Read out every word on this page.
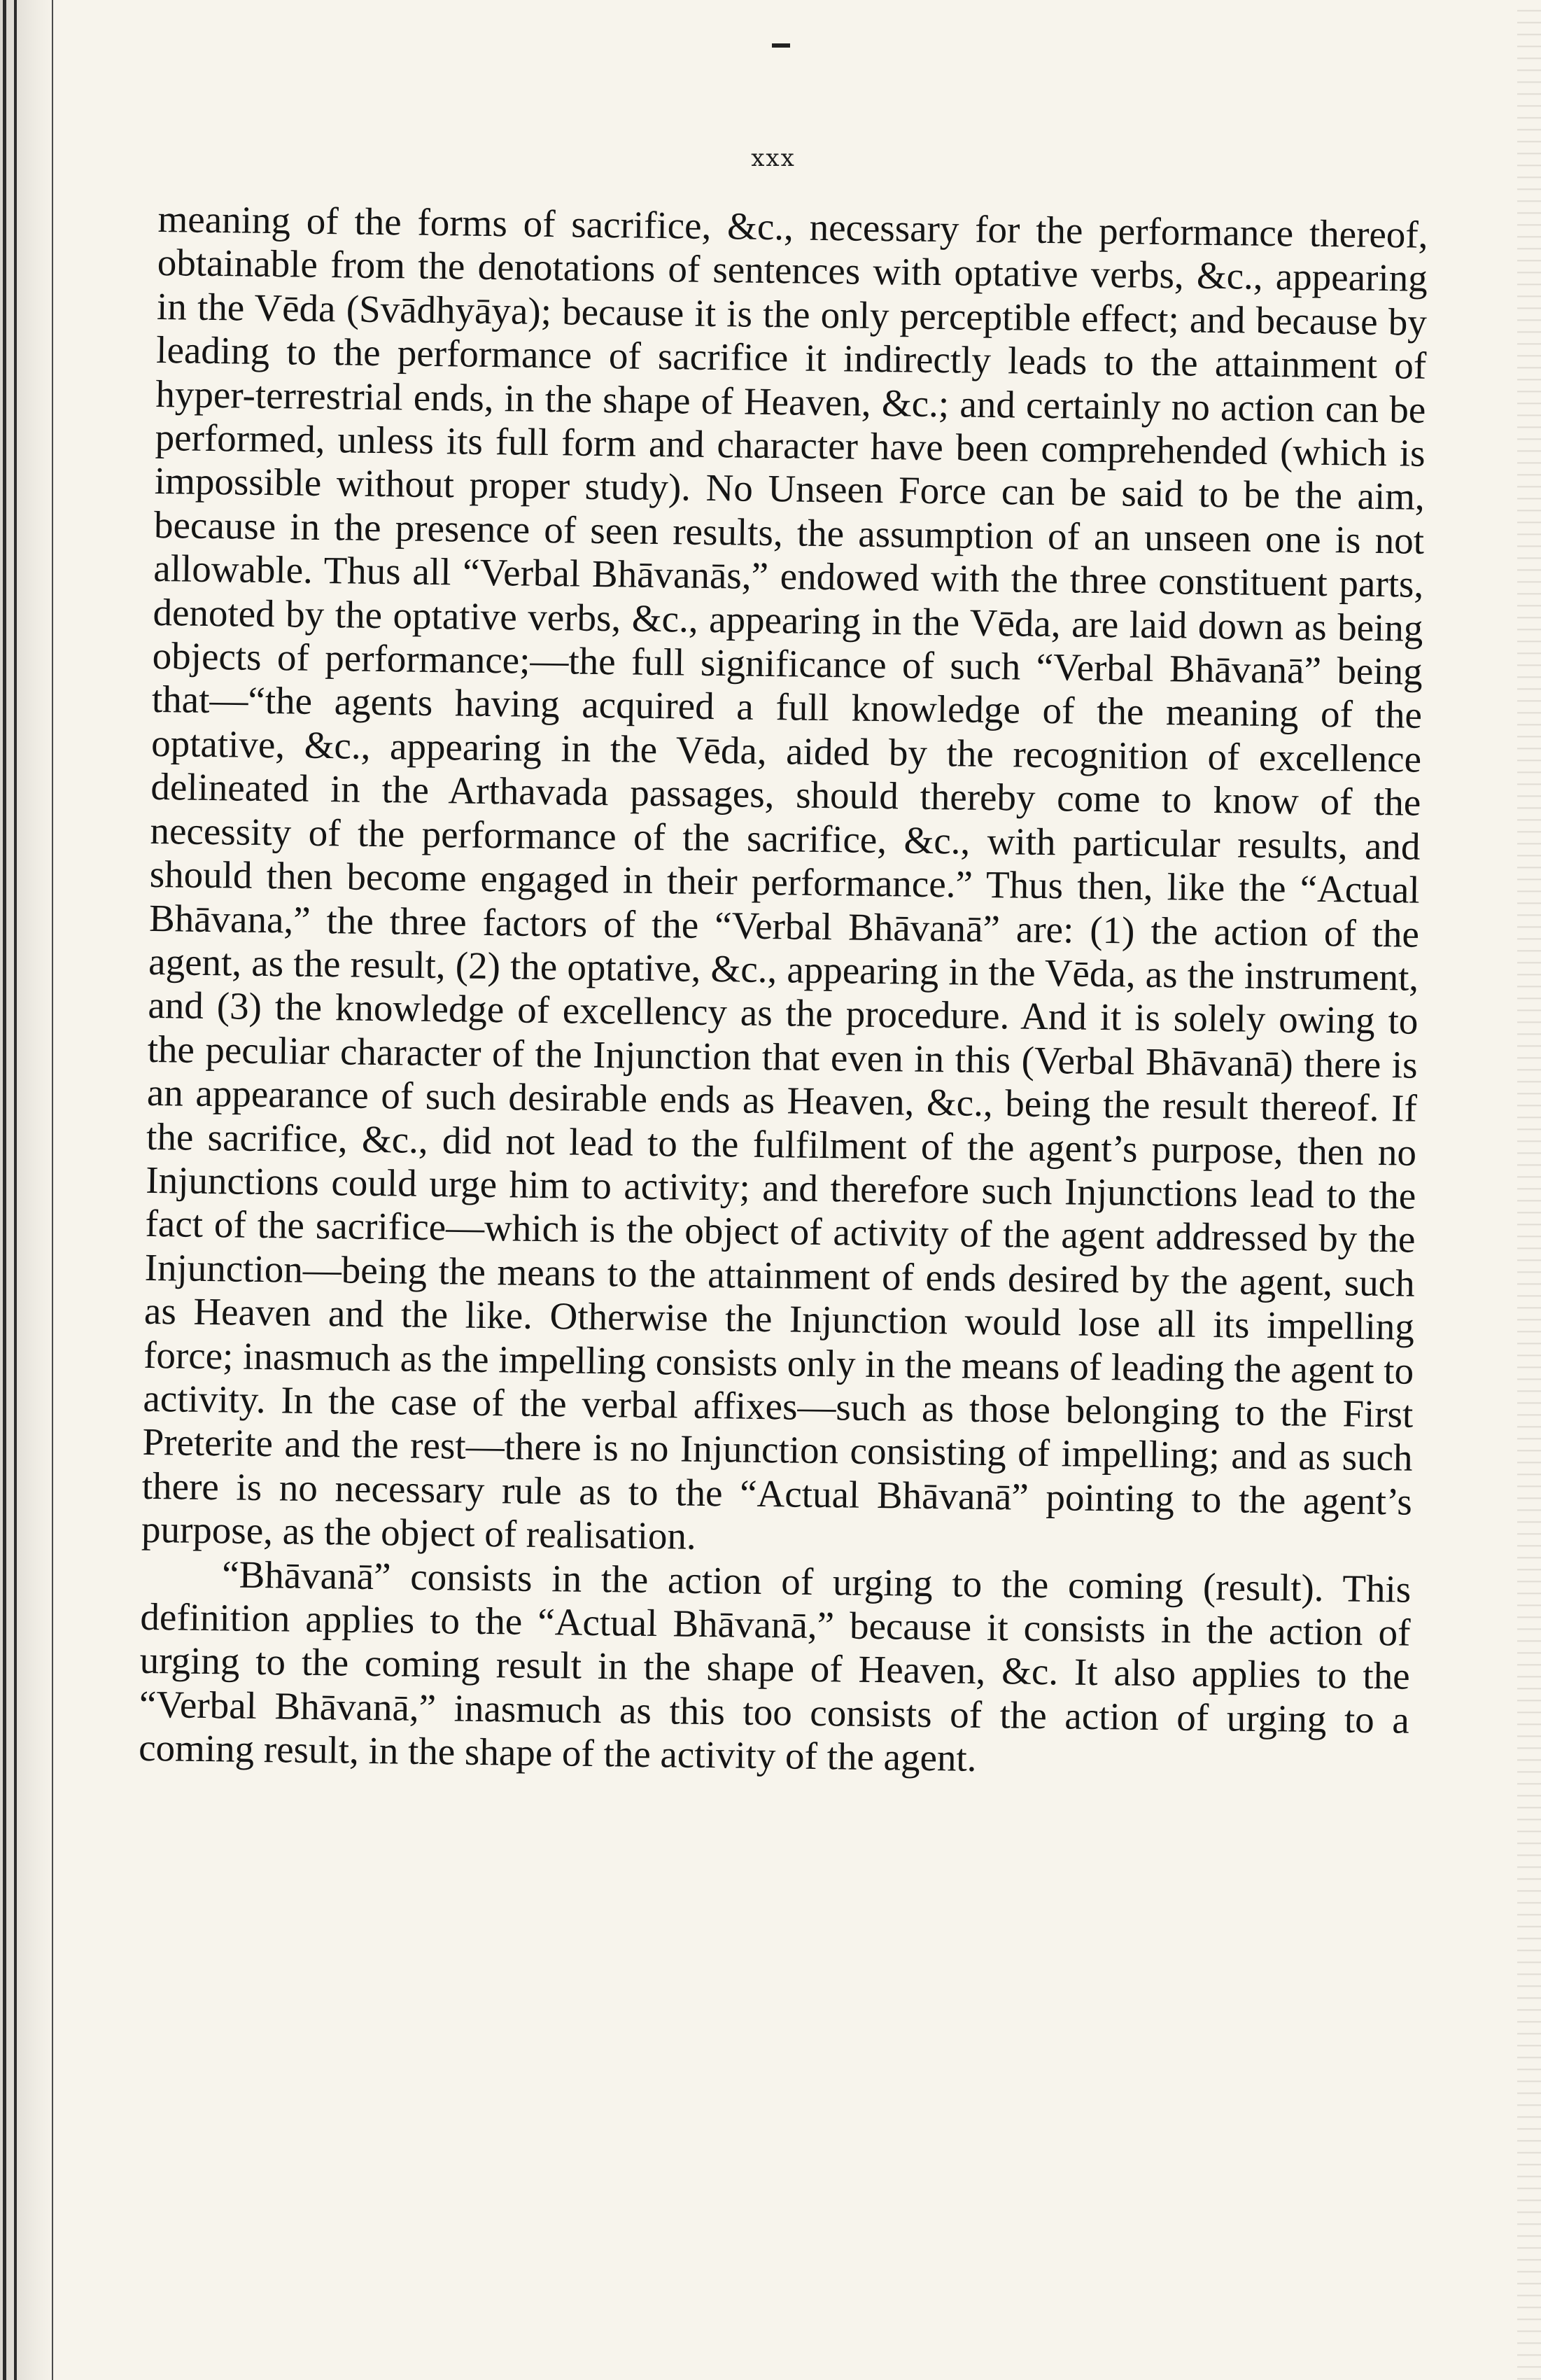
xxx

meaning of the forms of sacrifice, &c., necessary for the performance thereof, obtainable from the denotations of sentences with optative verbs, &c., appearing in the Vēda (Svādhyāya); because it is the only perceptible effect; and because by leading to the performance of sacrifice it indirectly leads to the attainment of hyper-terrestrial ends, in the shape of Heaven, &c.; and certainly no action can be performed, unless its full form and character have been comprehended (which is impossible without proper study). No Unseen Force can be said to be the aim, because in the presence of seen results, the assumption of an unseen one is not allowable. Thus all “Verbal Bhāvanās,” endowed with the three constituent parts, denoted by the optative verbs, &c., appearing in the Vēda, are laid down as being objects of performance;—the full significance of such “Verbal Bhāvanā” being that—“the agents having acquired a full knowledge of the meaning of the optative, &c., appearing in the Vēda, aided by the recognition of excellence delineated in the Arthavada passages, should thereby come to know of the necessity of the performance of the sacrifice, &c., with particular results, and should then become engaged in their performance.” Thus then, like the “Actual Bhāvana,” the three factors of the “Verbal Bhāvanā” are: (1) the action of the agent, as the result, (2) the optative, &c., appearing in the Vēda, as the instrument, and (3) the knowledge of excellency as the procedure. And it is solely owing to the peculiar character of the Injunction that even in this (Verbal Bhāvanā) there is an appearance of such desirable ends as Heaven, &c., being the result thereof. If the sacrifice, &c., did not lead to the fulfilment of the agent’s purpose, then no Injunctions could urge him to activity; and therefore such Injunctions lead to the fact of the sacrifice—which is the object of activity of the agent addressed by the Injunction—being the means to the attainment of ends desired by the agent, such as Heaven and the like. Otherwise the Injunction would lose all its impelling force; inasmuch as the impelling consists only in the means of leading the agent to activity. In the case of the verbal affixes—such as those belonging to the First Preterite and the rest—there is no Injunction consisting of impelling; and as such there is no necessary rule as to the “Actual Bhāvanā” pointing to the agent’s purpose, as the object of realisation.

“Bhāvanā” consists in the action of urging to the coming (result). This definition applies to the “Actual Bhāvanā,” because it consists in the action of urging to the coming result in the shape of Heaven, &c. It also applies to the “Verbal Bhāvanā,” inasmuch as this too consists of the action of urging to a coming result, in the shape of the activity of the agent.
